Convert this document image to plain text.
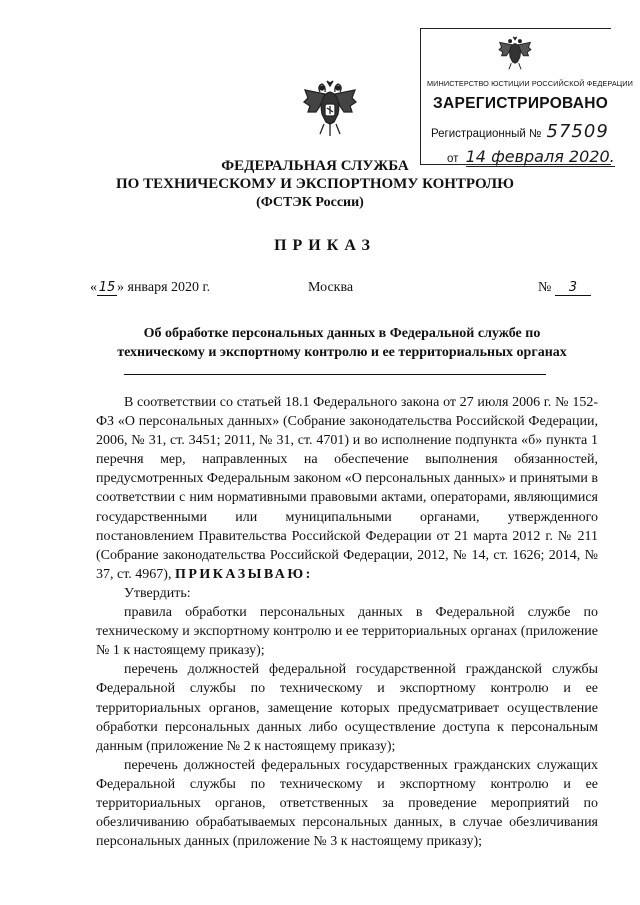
МИНИСТЕРСТВО ЮСТИЦИИ РОССИЙСКОЙ ФЕДЕРАЦИИ
ЗАРЕГИСТРИРОВАНО
Регистрационный № 57509
от 14 февраля 2020.
ФЕДЕРАЛЬНАЯ СЛУЖБА
ПО ТЕХНИЧЕСКОМУ И ЭКСПОРТНОМУ КОНТРОЛЮ
(ФСТЭК России)
ПРИКАЗ
« 15 » января 2020 г.	Москва	№ 3
Об обработке персональных данных в Федеральной службе по техническому и экспортному контролю и ее территориальных органах

В соответствии со статьей 18.1 Федерального закона от 27 июля 2006 г. № 152-ФЗ «О персональных данных» (Собрание законодательства Российской Федерации, 2006, № 31, ст. 3451; 2011, № 31, ст. 4701) и во исполнение подпункта «б» пункта 1 перечня мер, направленных на обеспечение выполнения обязанностей, предусмотренных Федеральным законом «О персональных данных» и принятыми в соответствии с ним нормативными правовыми актами, операторами, являющимися государственными или муниципальными органами, утвержденного постановлением Правительства Российской Федерации от 21 марта 2012 г. № 211 (Собрание законодательства Российской Федерации, 2012, № 14, ст. 1626; 2014, № 37, ст. 4967), ПРИКАЗЫВАЮ:

Утвердить:

правила обработки персональных данных в Федеральной службе по техническому и экспортному контролю и ее территориальных органах (приложение № 1 к настоящему приказу);

перечень должностей федеральной государственной гражданской службы Федеральной службы по техническому и экспортному контролю и ее территориальных органов, замещение которых предусматривает осуществление обработки персональных данных либо осуществление доступа к персональным данным (приложение № 2 к настоящему приказу);

перечень должностей федеральных государственных гражданских служащих Федеральной службы по техническому и экспортному контролю и ее территориальных органов, ответственных за проведение мероприятий по обезличиванию обрабатываемых персональных данных, в случае обезличивания персональных данных (приложение № 3 к настоящему приказу);
